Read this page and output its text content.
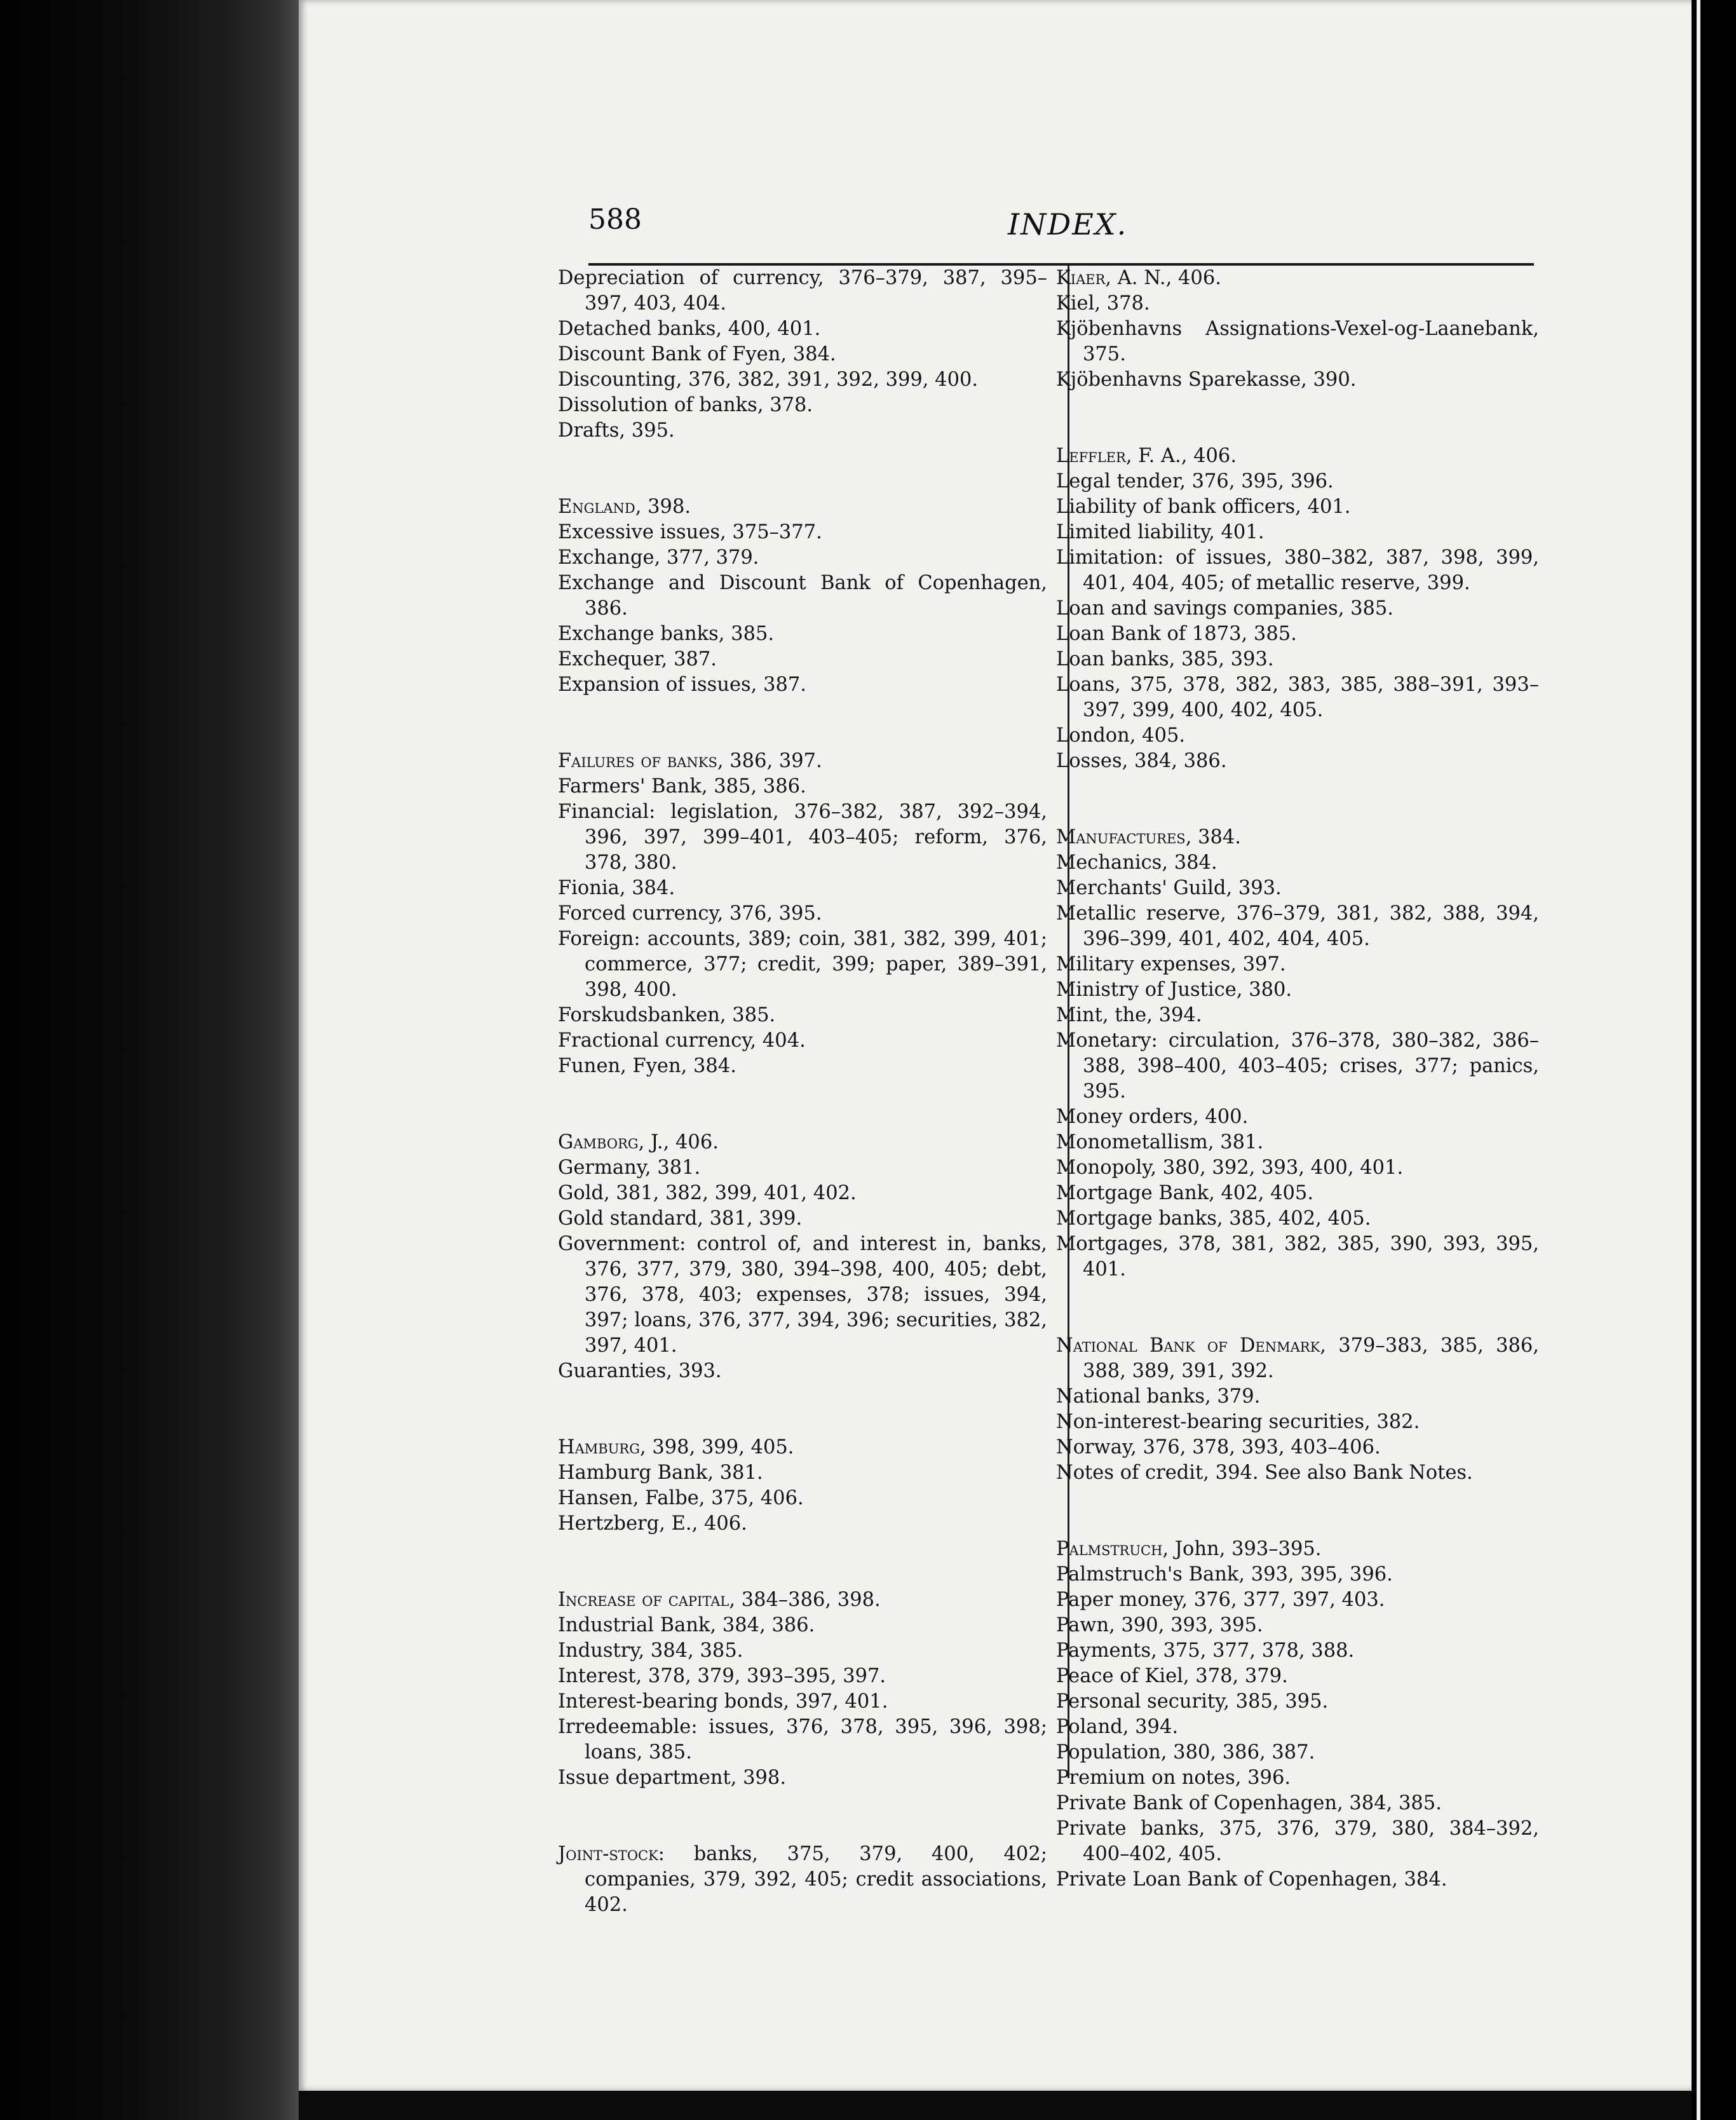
588	INDEX.
Depreciation of currency, 376–379, 387, 395–397, 403, 404.
Detached banks, 400, 401.
Discount Bank of Fyen, 384.
Discounting, 376, 382, 391, 392, 399, 400.
Dissolution of banks, 378.
Drafts, 395.
England, 398.
Excessive issues, 375–377.
Exchange, 377, 379.
Exchange and Discount Bank of Copenhagen, 386.
Exchange banks, 385.
Exchequer, 387.
Expansion of issues, 387.
Failures of banks, 386, 397.
Farmers' Bank, 385, 386.
Financial: legislation, 376–382, 387, 392–394, 396, 397, 399–401, 403–405; reform, 376, 378, 380.
Fionia, 384.
Forced currency, 376, 395.
Foreign: accounts, 389; coin, 381, 382, 399, 401; commerce, 377; credit, 399; paper, 389–391, 398, 400.
Forskudsbanken, 385.
Fractional currency, 404.
Funen, Fyen, 384.
Gamborg, J., 406.
Germany, 381.
Gold, 381, 382, 399, 401, 402.
Gold standard, 381, 399.
Government: control of, and interest in, banks, 376, 377, 379, 380, 394–398, 400, 405; debt, 376, 378, 403; expenses, 378; issues, 394, 397; loans, 376, 377, 394, 396; securities, 382, 397, 401.
Guaranties, 393.
Hamburg, 398, 399, 405.
Hamburg Bank, 381.
Hansen, Falbe, 375, 406.
Hertzberg, E., 406.
Increase of capital, 384–386, 398.
Industrial Bank, 384, 386.
Industry, 384, 385.
Interest, 378, 379, 393–395, 397.
Interest-bearing bonds, 397, 401.
Irredeemable: issues, 376, 378, 395, 396, 398; loans, 385.
Issue department, 398.
Joint-stock: banks, 375, 379, 400, 402; companies, 379, 392, 405; credit associations, 402.
Kiaer, A. N., 406.
Kiel, 378.
Kjöbenhavns Assignations-Vexel-og-Laanebank, 375.
Kjöbenhavns Sparekasse, 390.
Leffler, F. A., 406.
Legal tender, 376, 395, 396.
Liability of bank officers, 401.
Limited liability, 401.
Limitation: of issues, 380–382, 387, 398, 399, 401, 404, 405; of metallic reserve, 399.
Loan and savings companies, 385.
Loan Bank of 1873, 385.
Loan banks, 385, 393.
Loans, 375, 378, 382, 383, 385, 388–391, 393–397, 399, 400, 402, 405.
London, 405.
Losses, 384, 386.
Manufactures, 384.
Mechanics, 384.
Merchants' Guild, 393.
Metallic reserve, 376–379, 381, 382, 388, 394, 396–399, 401, 402, 404, 405.
Military expenses, 397.
Ministry of Justice, 380.
Mint, the, 394.
Monetary: circulation, 376–378, 380–382, 386–388, 398–400, 403–405; crises, 377; panics, 395.
Money orders, 400.
Monometallism, 381.
Monopoly, 380, 392, 393, 400, 401.
Mortgage Bank, 402, 405.
Mortgage banks, 385, 402, 405.
Mortgages, 378, 381, 382, 385, 390, 393, 395, 401.
National Bank of Denmark, 379–383, 385, 386, 388, 389, 391, 392.
National banks, 379.
Non-interest-bearing securities, 382.
Norway, 376, 378, 393, 403–406.
Notes of credit, 394. See also Bank Notes.
Palmstruch, John, 393–395.
Palmstruch's Bank, 393, 395, 396.
Paper money, 376, 377, 397, 403.
Pawn, 390, 393, 395.
Payments, 375, 377, 378, 388.
Peace of Kiel, 378, 379.
Personal security, 385, 395.
Poland, 394.
Population, 380, 386, 387.
Premium on notes, 396.
Private Bank of Copenhagen, 384, 385.
Private banks, 375, 376, 379, 380, 384–392, 400–402, 405.
Private Loan Bank of Copenhagen, 384.
